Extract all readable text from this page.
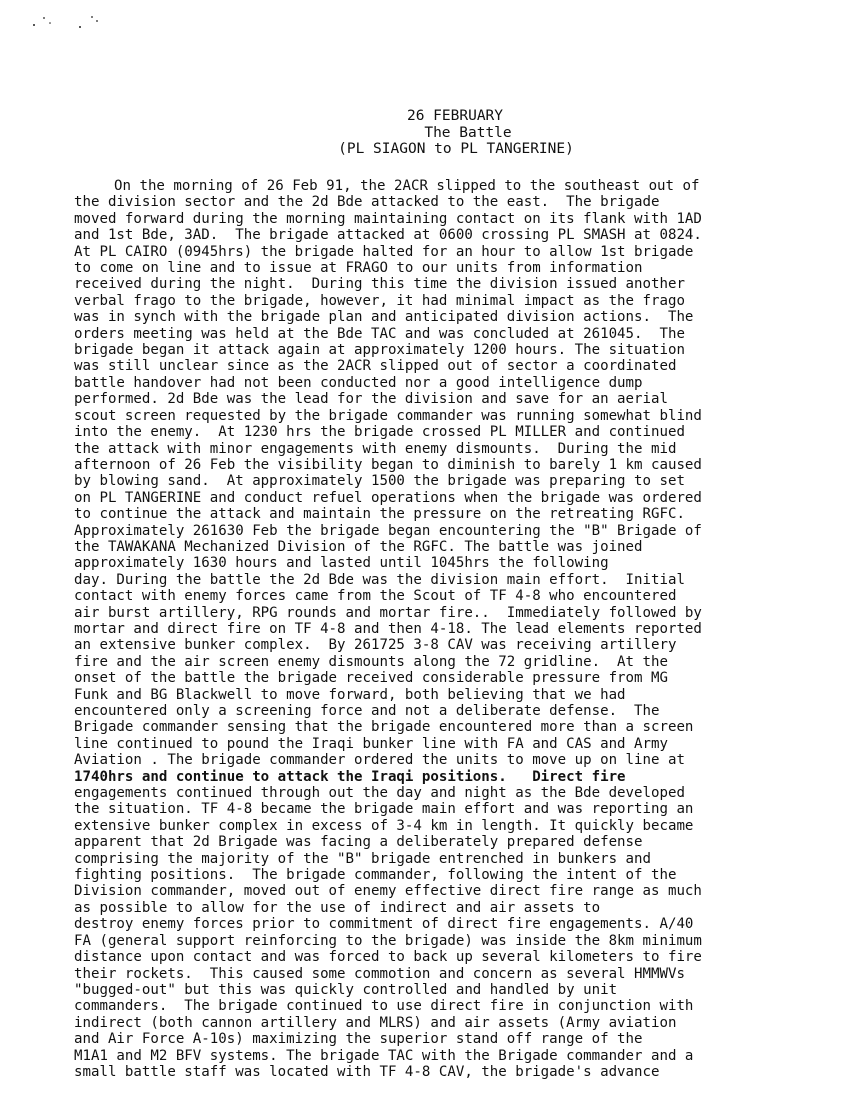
26 FEBRUARY
The Battle
(PL SIAGON to PL TANGERINE)
On the morning of 26 Feb 91, the 2ACR slipped to the southeast out of
the division sector and the 2d Bde attacked to the east.  The brigade
moved forward during the morning maintaining contact on its flank with 1AD
and 1st Bde, 3AD.  The brigade attacked at 0600 crossing PL SMASH at 0824.
At PL CAIRO (0945hrs) the brigade halted for an hour to allow 1st brigade
to come on line and to issue at FRAGO to our units from information
received during the night.  During this time the division issued another
verbal frago to the brigade, however, it had minimal impact as the frago
was in synch with the brigade plan and anticipated division actions.  The
orders meeting was held at the Bde TAC and was concluded at 261045.  The
brigade began it attack again at approximately 1200 hours. The situation
was still unclear since as the 2ACR slipped out of sector a coordinated
battle handover had not been conducted nor a good intelligence dump
performed. 2d Bde was the lead for the division and save for an aerial
scout screen requested by the brigade commander was running somewhat blind
into the enemy.  At 1230 hrs the brigade crossed PL MILLER and continued
the attack with minor engagements with enemy dismounts.  During the mid
afternoon of 26 Feb the visibility began to diminish to barely 1 km caused
by blowing sand.  At approximately 1500 the brigade was preparing to set
on PL TANGERINE and conduct refuel operations when the brigade was ordered
to continue the attack and maintain the pressure on the retreating RGFC.
Approximately 261630 Feb the brigade began encountering the "B" Brigade of
the TAWAKANA Mechanized Division of the RGFC. The battle was joined
approximately 1630 hours and lasted until 1045hrs the following
day. During the battle the 2d Bde was the division main effort.  Initial
contact with enemy forces came from the Scout of TF 4-8 who encountered
air burst artillery, RPG rounds and mortar fire..  Immediately followed by
mortar and direct fire on TF 4-8 and then 4-18. The lead elements reported
an extensive bunker complex.  By 261725 3-8 CAV was receiving artillery
fire and the air screen enemy dismounts along the 72 gridline.  At the
onset of the battle the brigade received considerable pressure from MG
Funk and BG Blackwell to move forward, both believing that we had
encountered only a screening force and not a deliberate defense.  The
Brigade commander sensing that the brigade encountered more than a screen
line continued to pound the Iraqi bunker line with FA and CAS and Army
Aviation . The brigade commander ordered the units to move up on line at
1740hrs and continue to attack the Iraqi positions.   Direct fire
engagements continued through out the day and night as the Bde developed
the situation. TF 4-8 became the brigade main effort and was reporting an
extensive bunker complex in excess of 3-4 km in length. It quickly became
apparent that 2d Brigade was facing a deliberately prepared defense
comprising the majority of the "B" brigade entrenched in bunkers and
fighting positions.  The brigade commander, following the intent of the
Division commander, moved out of enemy effective direct fire range as much
as possible to allow for the use of indirect and air assets to
destroy enemy forces prior to commitment of direct fire engagements. A/40
FA (general support reinforcing to the brigade) was inside the 8km minimum
distance upon contact and was forced to back up several kilometers to fire
their rockets.  This caused some commotion and concern as several HMMWVs
"bugged-out" but this was quickly controlled and handled by unit
commanders.  The brigade continued to use direct fire in conjunction with
indirect (both cannon artillery and MLRS) and air assets (Army aviation
and Air Force A-10s) maximizing the superior stand off range of the
M1A1 and M2 BFV systems. The brigade TAC with the Brigade commander and a
small battle staff was located with TF 4-8 CAV, the brigade's advance
